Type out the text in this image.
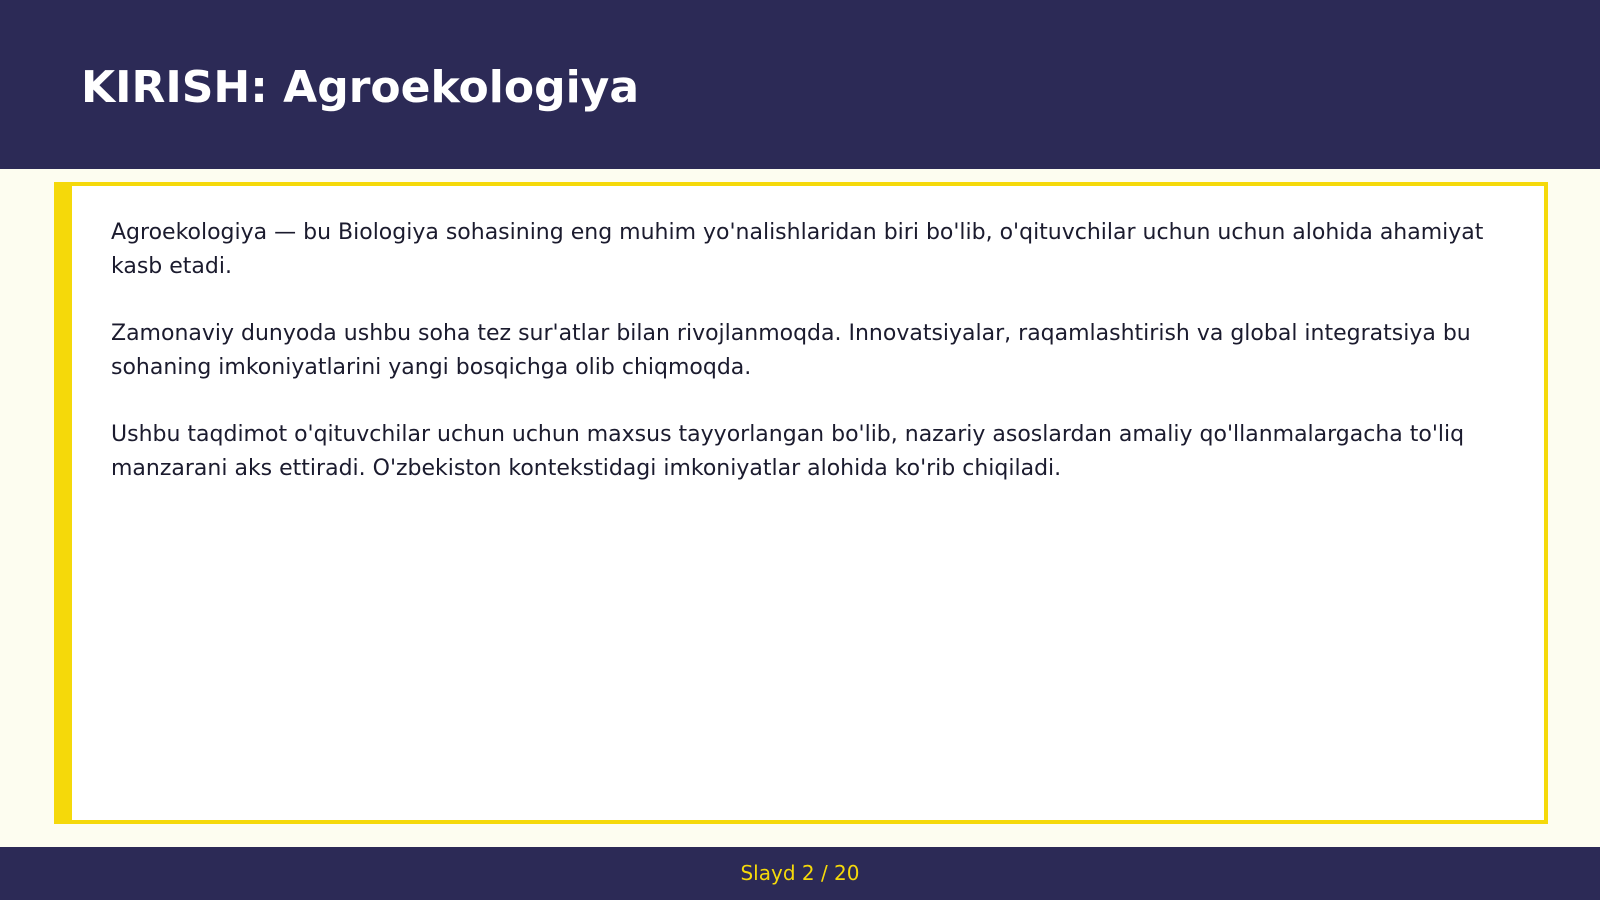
KIRISH: Agroekologiya

Agroekologiya — bu Biologiya sohasining eng muhim yo'nalishlaridan biri bo'lib, o'qituvchilar uchun uchun alohida ahamiyat kasb etadi.

Zamonaviy dunyoda ushbu soha tez sur'atlar bilan rivojlanmoqda. Innovatsiyalar, raqamlashtirish va global integratsiya bu sohaning imkoniyatlarini yangi bosqichga olib chiqmoqda.

Ushbu taqdimot o'qituvchilar uchun uchun maxsus tayyorlangan bo'lib, nazariy asoslardan amaliy qo'llanmalargacha to'liq manzarani aks ettiradi. O'zbekiston kontekstidagi imkoniyatlar alohida ko'rib chiqiladi.

Slayd 2 / 20
